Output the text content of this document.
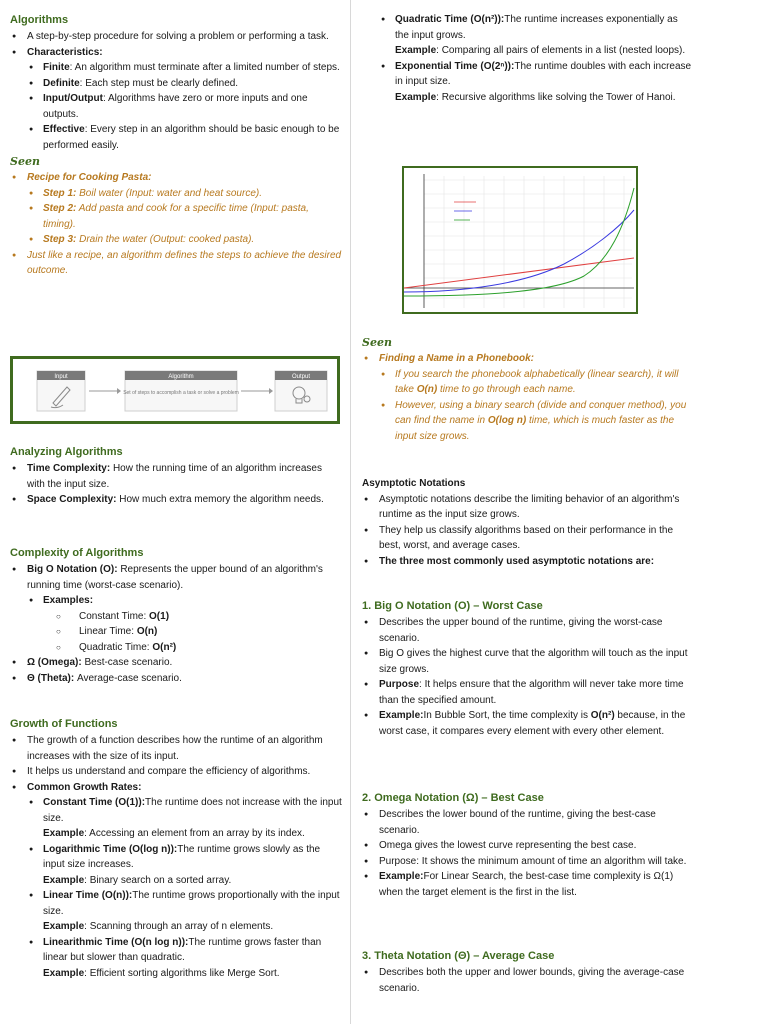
Algorithms
● A step-by-step procedure for solving a problem or performing a task.
● Characteristics:
● Finite: An algorithm must terminate after a limited number of steps.
● Definite: Each step must be clearly defined.
● Input/Output: Algorithms have zero or more inputs and one outputs.
● Effective: Every step in an algorithm should be basic enough to be performed easily.
Seen
● Recipe for Cooking Pasta:
● Step 1: Boil water (Input: water and heat source).
● Step 2: Add pasta and cook for a specific time (Input: pasta, timing).
● Step 3: Drain the water (Output: cooked pasta).
● Just like a recipe, an algorithm defines the steps to achieve the desired outcome.
Input	Algorithm
Set of steps to accomplish a task or solve a problem
Output
Analyzing Algorithms
● Time Complexity: How the running time of an algorithm increases with the input size.
● Space Complexity: How much extra memory the algorithm needs.
Complexity of Algorithms
● Big O Notation (O): Represents the upper bound of an algorithm's running time (worst-case scenario).
● Examples:
○ Constant Time: O(1)
○ Linear Time: O(n)
○ Quadratic Time: O(n²)
● Ω (Omega): Best-case scenario.
● Θ (Theta): Average-case scenario.
Growth of Functions
● The growth of a function describes how the runtime of an algorithm increases with the size of its input.
● It helps us understand and compare the efficiency of algorithms.
● Common Growth Rates:
● Constant Time (O(1)):The runtime does not increase with the input size.
Example: Accessing an element from an array by its index.
● Logarithmic Time (O(log n)):The runtime grows slowly as the input size increases.
Example: Binary search on a sorted array.
● Linear Time (O(n)):The runtime grows proportionally with the input size.
Example: Scanning through an array of n elements.
● Linearithmic Time (O(n log n)):The runtime grows faster than linear but slower than quadratic.
Example: Efficient sorting algorithms like Merge Sort.
● Quadratic Time (O(n²)):The runtime increases exponentially as the input grows.
Example: Comparing all pairs of elements in a list (nested loops).
● Exponential Time (O(2ⁿ)):The runtime doubles with each increase in input size.
Example: Recursive algorithms like solving the Tower of Hanoi.
Seen
● Finding a Name in a Phonebook:
● If you search the phonebook alphabetically (linear search), it will take O(n) time to go through each name.
● However, using a binary search (divide and conquer method), you can find the name in O(log n) time, which is much faster as the input size grows.
Asymptotic Notations
● Asymptotic notations describe the limiting behavior of an algorithm's runtime as the input size grows.
● They help us classify algorithms based on their performance in the best, worst, and average cases.
● The three most commonly used asymptotic notations are:
1. Big O Notation (O) – Worst Case
● Describes the upper bound of the runtime, giving the worst-case scenario.
● Big O gives the highest curve that the algorithm will touch as the input size grows.
● Purpose: It helps ensure that the algorithm will never take more time than the specified amount.
● Example:In Bubble Sort, the time complexity is O(n²) because, in the worst case, it compares every element with every other element.
2. Omega Notation (Ω) – Best Case
● Describes the lower bound of the runtime, giving the best-case scenario.
● Omega gives the lowest curve representing the best case.
● Purpose: It shows the minimum amount of time an algorithm will take.
● Example:For Linear Search, the best-case time complexity is Ω(1) when the target element is the first in the list.
3. Theta Notation (Θ) – Average Case
● Describes both the upper and lower bounds, giving the average-case scenario.
